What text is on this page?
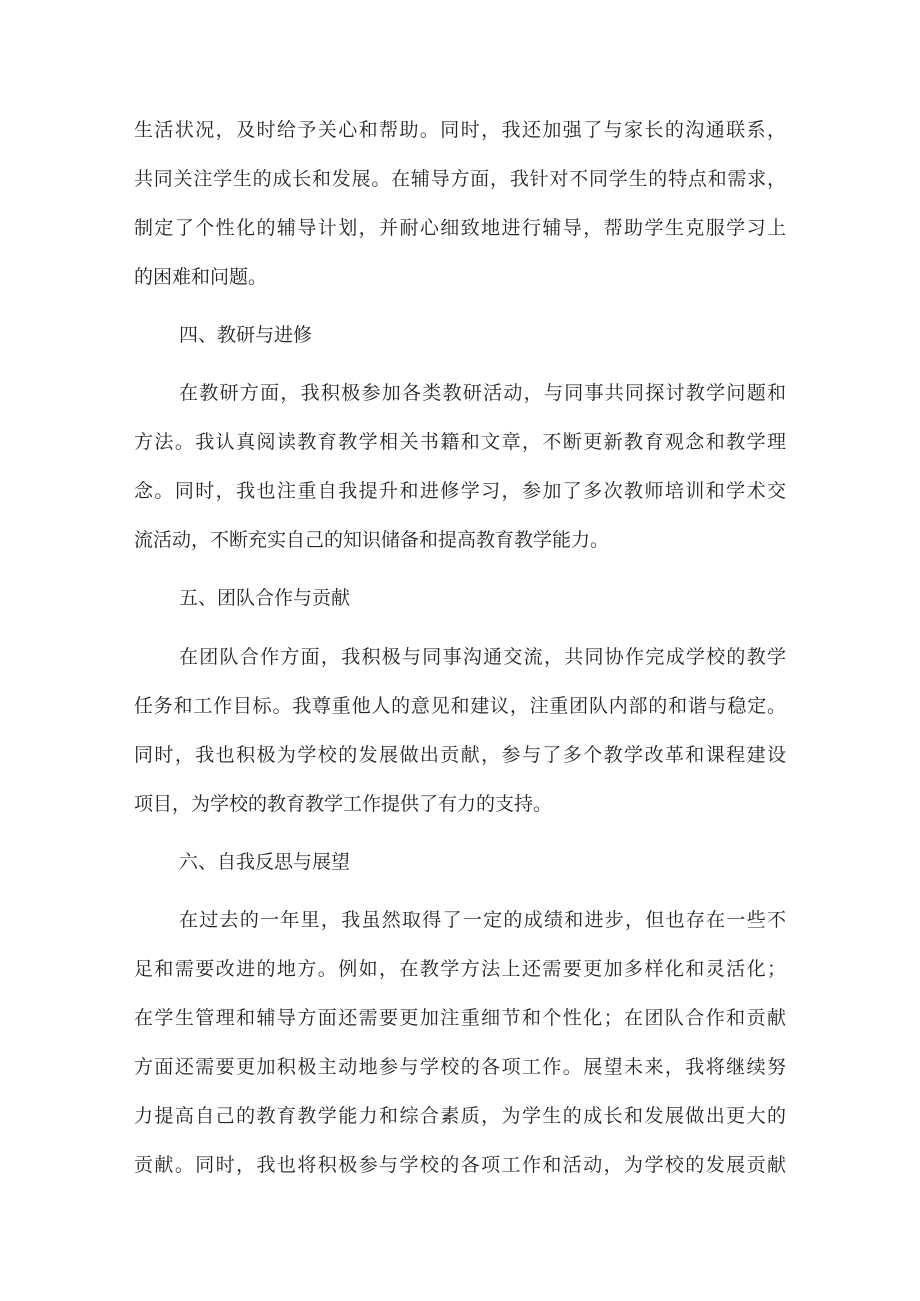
生活状况，及时给予关心和帮助。同时，我还加强了与家长的沟通联系，
共同关注学生的成长和发展。在辅导方面，我针对不同学生的特点和需求，
制定了个性化的辅导计划，并耐心细致地进行辅导，帮助学生克服学习上
的困难和问题。
四、教研与进修
在教研方面，我积极参加各类教研活动，与同事共同探讨教学问题和
方法。我认真阅读教育教学相关书籍和文章，不断更新教育观念和教学理
念。同时，我也注重自我提升和进修学习，参加了多次教师培训和学术交
流活动，不断充实自己的知识储备和提高教育教学能力。
五、团队合作与贡献
在团队合作方面，我积极与同事沟通交流，共同协作完成学校的教学
任务和工作目标。我尊重他人的意见和建议，注重团队内部的和谐与稳定。
同时，我也积极为学校的发展做出贡献，参与了多个教学改革和课程建设
项目，为学校的教育教学工作提供了有力的支持。
六、自我反思与展望
在过去的一年里，我虽然取得了一定的成绩和进步，但也存在一些不
足和需要改进的地方。例如，在教学方法上还需要更加多样化和灵活化；
在学生管理和辅导方面还需要更加注重细节和个性化；在团队合作和贡献
方面还需要更加积极主动地参与学校的各项工作。展望未来，我将继续努
力提高自己的教育教学能力和综合素质，为学生的成长和发展做出更大的
贡献。同时，我也将积极参与学校的各项工作和活动，为学校的发展贡献
